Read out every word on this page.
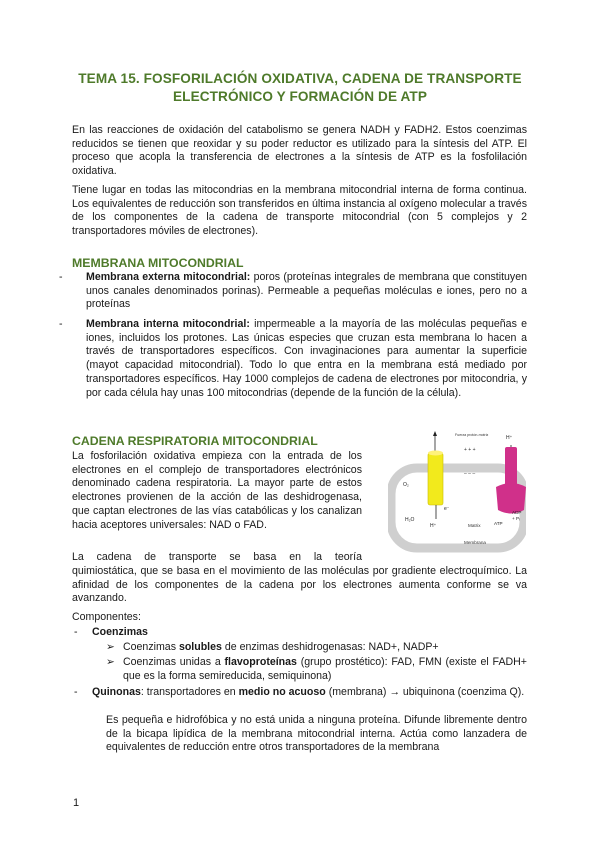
TEMA 15. FOSFORILACIÓN OXIDATIVA, CADENA DE TRANSPORTE
ELECTRÓNICO Y FORMACIÓN DE ATP

En las reacciones de oxidación del catabolismo se genera NADH y FADH2. Estos coenzimas reducidos se tienen que reoxidar y su poder reductor es utilizado para la síntesis del ATP. El proceso que acopla la transferencia de electrones a la síntesis de ATP es la fosfolilación oxidativa.

Tiene lugar en todas las mitocondrias en la membrana mitocondrial interna de forma continua. Los equivalentes de reducción son transferidos en última instancia al oxígeno molecular a través de los componentes de la cadena de transporte mitocondrial (con 5 complejos y 2 transportadores móviles de electrones).

MEMBRANA MITOCONDRIAL
-	Membrana externa mitocondrial: poros (proteínas integrales de membrana que constituyen unos canales denominados porinas). Permeable a pequeñas moléculas e iones, pero no a proteínas

-	Membrana interna mitocondrial: impermeable a la mayoría de las moléculas pequeñas e iones, incluidos los protones. Las únicas especies que cruzan esta membrana lo hacen a través de transportadores específicos. Con invaginaciones para aumentar la superficie (mayot capacidad mitocondrial). Todo lo que entra en la membrana está mediado por transportadores específicos. Hay 1000 complejos de cadena de electrones por mitocondria, y por cada célula hay unas 100 mitocondrias (depende de la función de la célula).

CADENA RESPIRATORIA MITOCONDRIAL

La fosforilación oxidativa empieza con la entrada de los electrones en el complejo de transportadores electrónicos denominado cadena respiratoria. La mayor parte de estos electrones provienen de la acción de las deshidrogenasa, que captan electrones de las vías catabólicas y los canalizan hacia aceptores universales: NAD o FAD.

Fuerza protón-motriz
+ + +
– – –
H⁺
O₂
e⁻
H₂O
H⁺	Matrix	ATP
ADP
+ Pᵢ
Membrana

La cadena de transporte se basa en la teoría

quimiostática, que se basa en el movimiento de las moléculas por gradiente electroquímico. La afinidad de los componentes de la cadena por los electrones aumenta conforme se va avanzando.

Componentes:

-	Coenzimas

➢ Coenzimas solubles de enzimas deshidrogenasas: NAD+, NADP+

➢ Coenzimas unidas a flavoproteínas (grupo prostético): FAD, FMN (existe el FADH+ que es la forma semireducida, semiquinona)

-	Quinonas: transportadores en medio no acuoso (membrana) → ubiquinona (coenzima Q).

Es pequeña e hidrofóbica y no está unida a ninguna proteína. Difunde libremente dentro de la bicapa lipídica de la membrana mitocondrial interna. Actúa como lanzadera de equivalentes de reducción entre otros transportadores de la membrana

1
